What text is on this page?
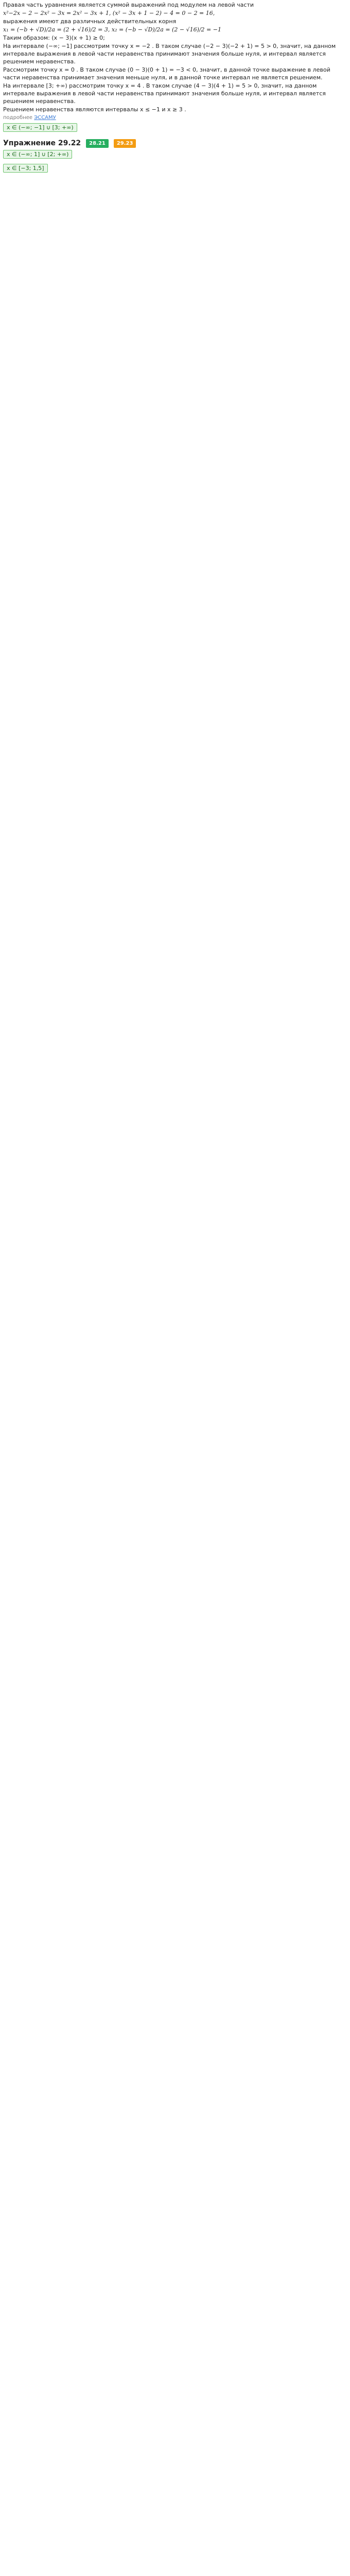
Правая часть уравнения является суммой выражений под модулем на левой части

x²−2x − 2 − 2x² − 3x = 2x² − 3x + 1, (x² − 3x + 1 − 2) − 4 = 0 − 2 = 16,

выражения имеют два различных действительных корня

x₁ = (−b + √D)/2a = (2 + √16)/2 = 3, x₂ = (−b − √D)/2a = (2 − √16)/2 = −1

Таким образом: (x − 3)(x + 1) ≥ 0;

На интервале (−∞; −1] рассмотрим точку x = −2 . В таком случае (−2 − 3)(−2 + 1) = 5 > 0, значит, на данном интервале выражения в левой части неравенства принимают значения больше нуля, и интервал является решением неравенства.

Рассмотрим точку x = 0 . В таком случае (0 − 3)(0 + 1) = −3 < 0, значит, в данной точке выражение в левой части неравенства принимает значения меньше нуля, и в данной точке интервал не является решением.

На интервале [3; +∞) рассмотрим точку x = 4 . В таком случае (4 − 3)(4 + 1) = 5 > 0, значит, на данном интервале выражения в левой части неравенства принимают значения больше нуля, и интервал является решением неравенства.

Решением неравенства являются интервалы x ≤ −1 и x ≥ 3 .

подробнее ЭССАМУ
x ∈ (−∞; −1] ∪ [3; +∞)
Упражнение 29.22	28.21	29.23
x ∈ (−∞; 1] ∪ [2; +∞)
x ∈ [−3; 1,5]
